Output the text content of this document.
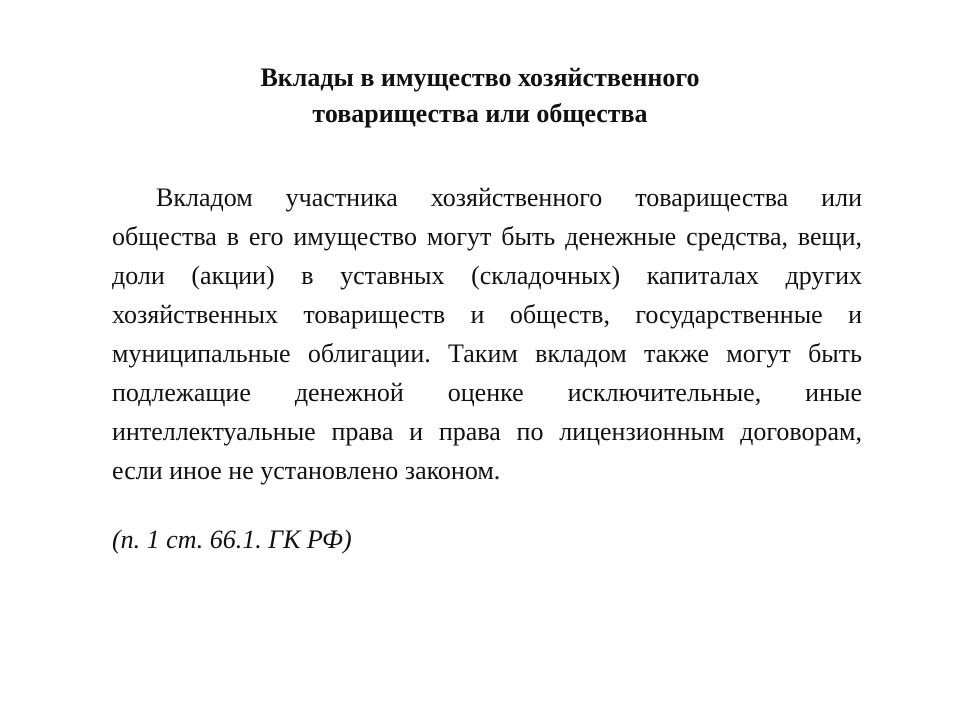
Вклады в имущество хозяйственного
товарищества или общества
Вкладом участника хозяйственного товарищества или общества в его имущество могут быть денежные средства, вещи, доли (акции) в уставных (складочных) капиталах других хозяйственных товариществ и обществ, государственные и муниципальные облигации. Таким вкладом также могут быть подлежащие денежной оценке исключительные, иные интеллектуальные права и права по лицензионным договорам, если иное не установлено законом.
(п. 1 ст. 66.1. ГК РФ)
